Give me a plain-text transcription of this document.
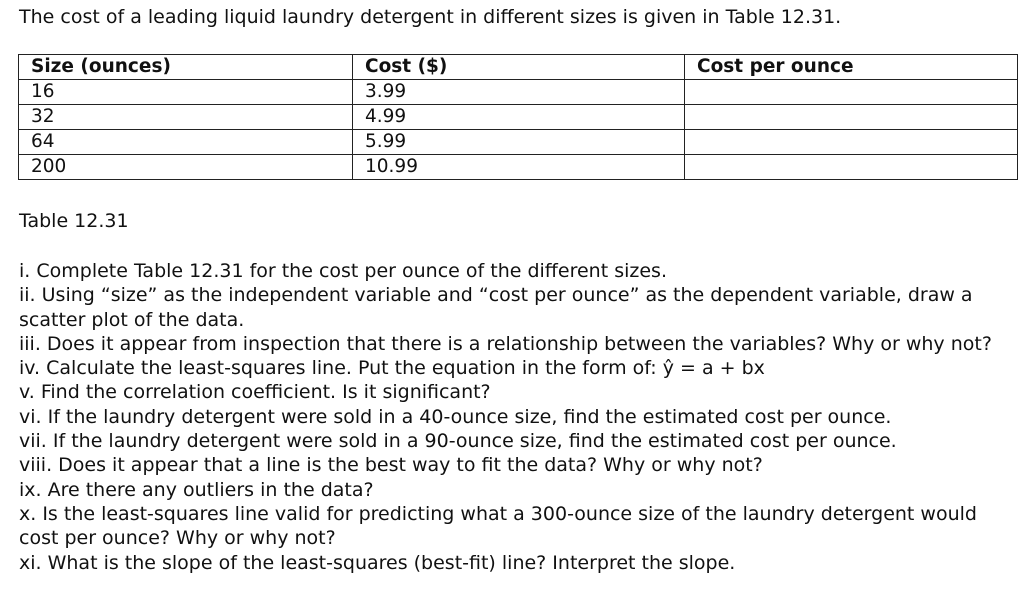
The cost of a leading liquid laundry detergent in different sizes is given in Table 12.31.
Size (ounces)	Cost ($)	Cost per ounce
16	3.99	
32	4.99	
64	5.99	
200	10.99	
Table 12.31

i. Complete Table 12.31 for the cost per ounce of the different sizes.

ii. Using “size” as the independent variable and “cost per ounce” as the dependent variable, draw a scatter plot of the data.

iii. Does it appear from inspection that there is a relationship between the variables? Why or why not?

iv. Calculate the least-squares line. Put the equation in the form of: ŷ = a + bx

v. Find the correlation coefficient. Is it significant?

vi. If the laundry detergent were sold in a 40-ounce size, find the estimated cost per ounce.

vii. If the laundry detergent were sold in a 90-ounce size, find the estimated cost per ounce.

viii. Does it appear that a line is the best way to fit the data? Why or why not?

ix. Are there any outliers in the data?

x. Is the least-squares line valid for predicting what a 300-ounce size of the laundry detergent would cost per ounce? Why or why not?

xi. What is the slope of the least-squares (best-fit) line? Interpret the slope.
